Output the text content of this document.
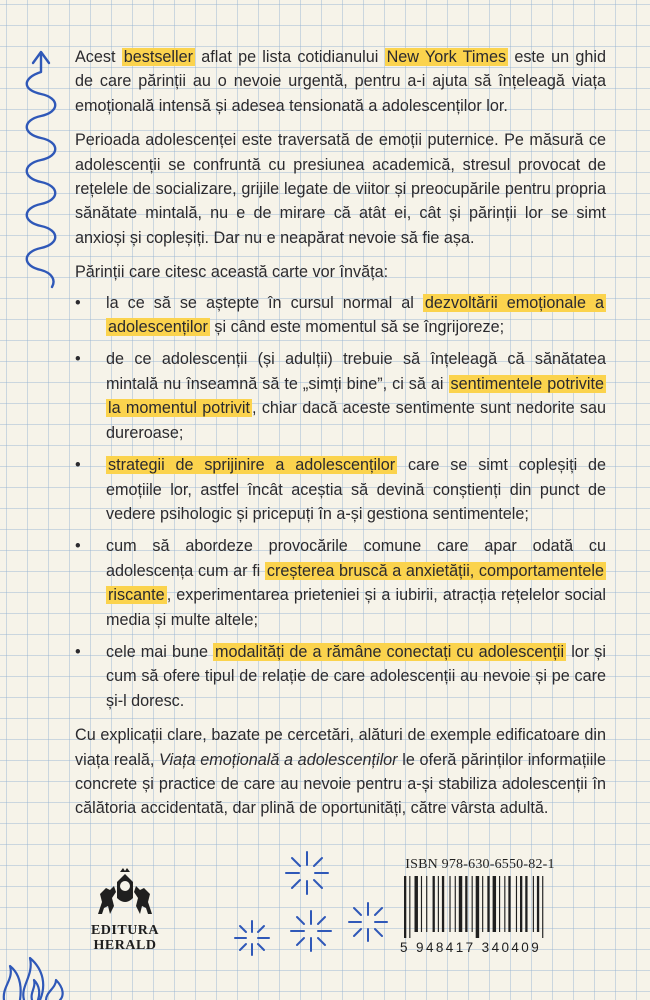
Acest bestseller aflat pe lista cotidianului New York Times este un ghid de care părinții au o nevoie urgentă, pentru a-i ajuta să înțeleagă viața emoțională intensă și adesea tensionată a adolescenților lor.

Perioada adolescenței este traversată de emoții puternice. Pe măsură ce adolescenții se confruntă cu presiunea academică, stresul provocat de rețelele de socializare, grijile legate de viitor și preocupările pentru propria sănătate mintală, nu e de mirare că atât ei, cât și părinții lor se simt anxioși și copleșiți. Dar nu e neapărat nevoie să fie așa.

Părinții care citesc această carte vor învăța:

• la ce să se aștepte în cursul normal al dezvoltării emoționale a adolescenților și când este momentul să se îngrijoreze;
• de ce adolescenții (și adulții) trebuie să înțeleagă că sănătatea mintală nu înseamnă să te „simți bine”, ci să ai sentimentele potrivite la momentul potrivit , chiar dacă aceste sentimente sunt nedorite sau dureroase;
• strategii de sprijinire a adolescenților care se simt copleșiți de emoțiile lor, astfel încât aceștia să devină conștienți din punct de vedere psihologic și pricepuți în a-și gestiona sentimentele;
• cum să abordeze provocările comune care apar odată cu adolescența cum ar fi creșterea bruscă a anxietății, comportamentele riscante , experimentarea prieteniei și a iubirii, atracția rețelelor social media și multe altele;
• cele mai bune modalități de a rămâne conectați cu adolescenții lor și cum să ofere tipul de relație de care adolescenții au nevoie și pe care și-l doresc.

Cu explicații clare, bazate pe cercetări, alături de exemple edificatoare din viața reală, Viața emoțională a adolescenților le oferă părinților informațiile concrete și practice de care au nevoie pentru a-și stabiliza adolescenții în călătoria accidentată, dar plină de oportunități, către vârsta adultă.

EDITURA
HERALD
ISBN 978-630-6550-82-1
5 948417 340409
